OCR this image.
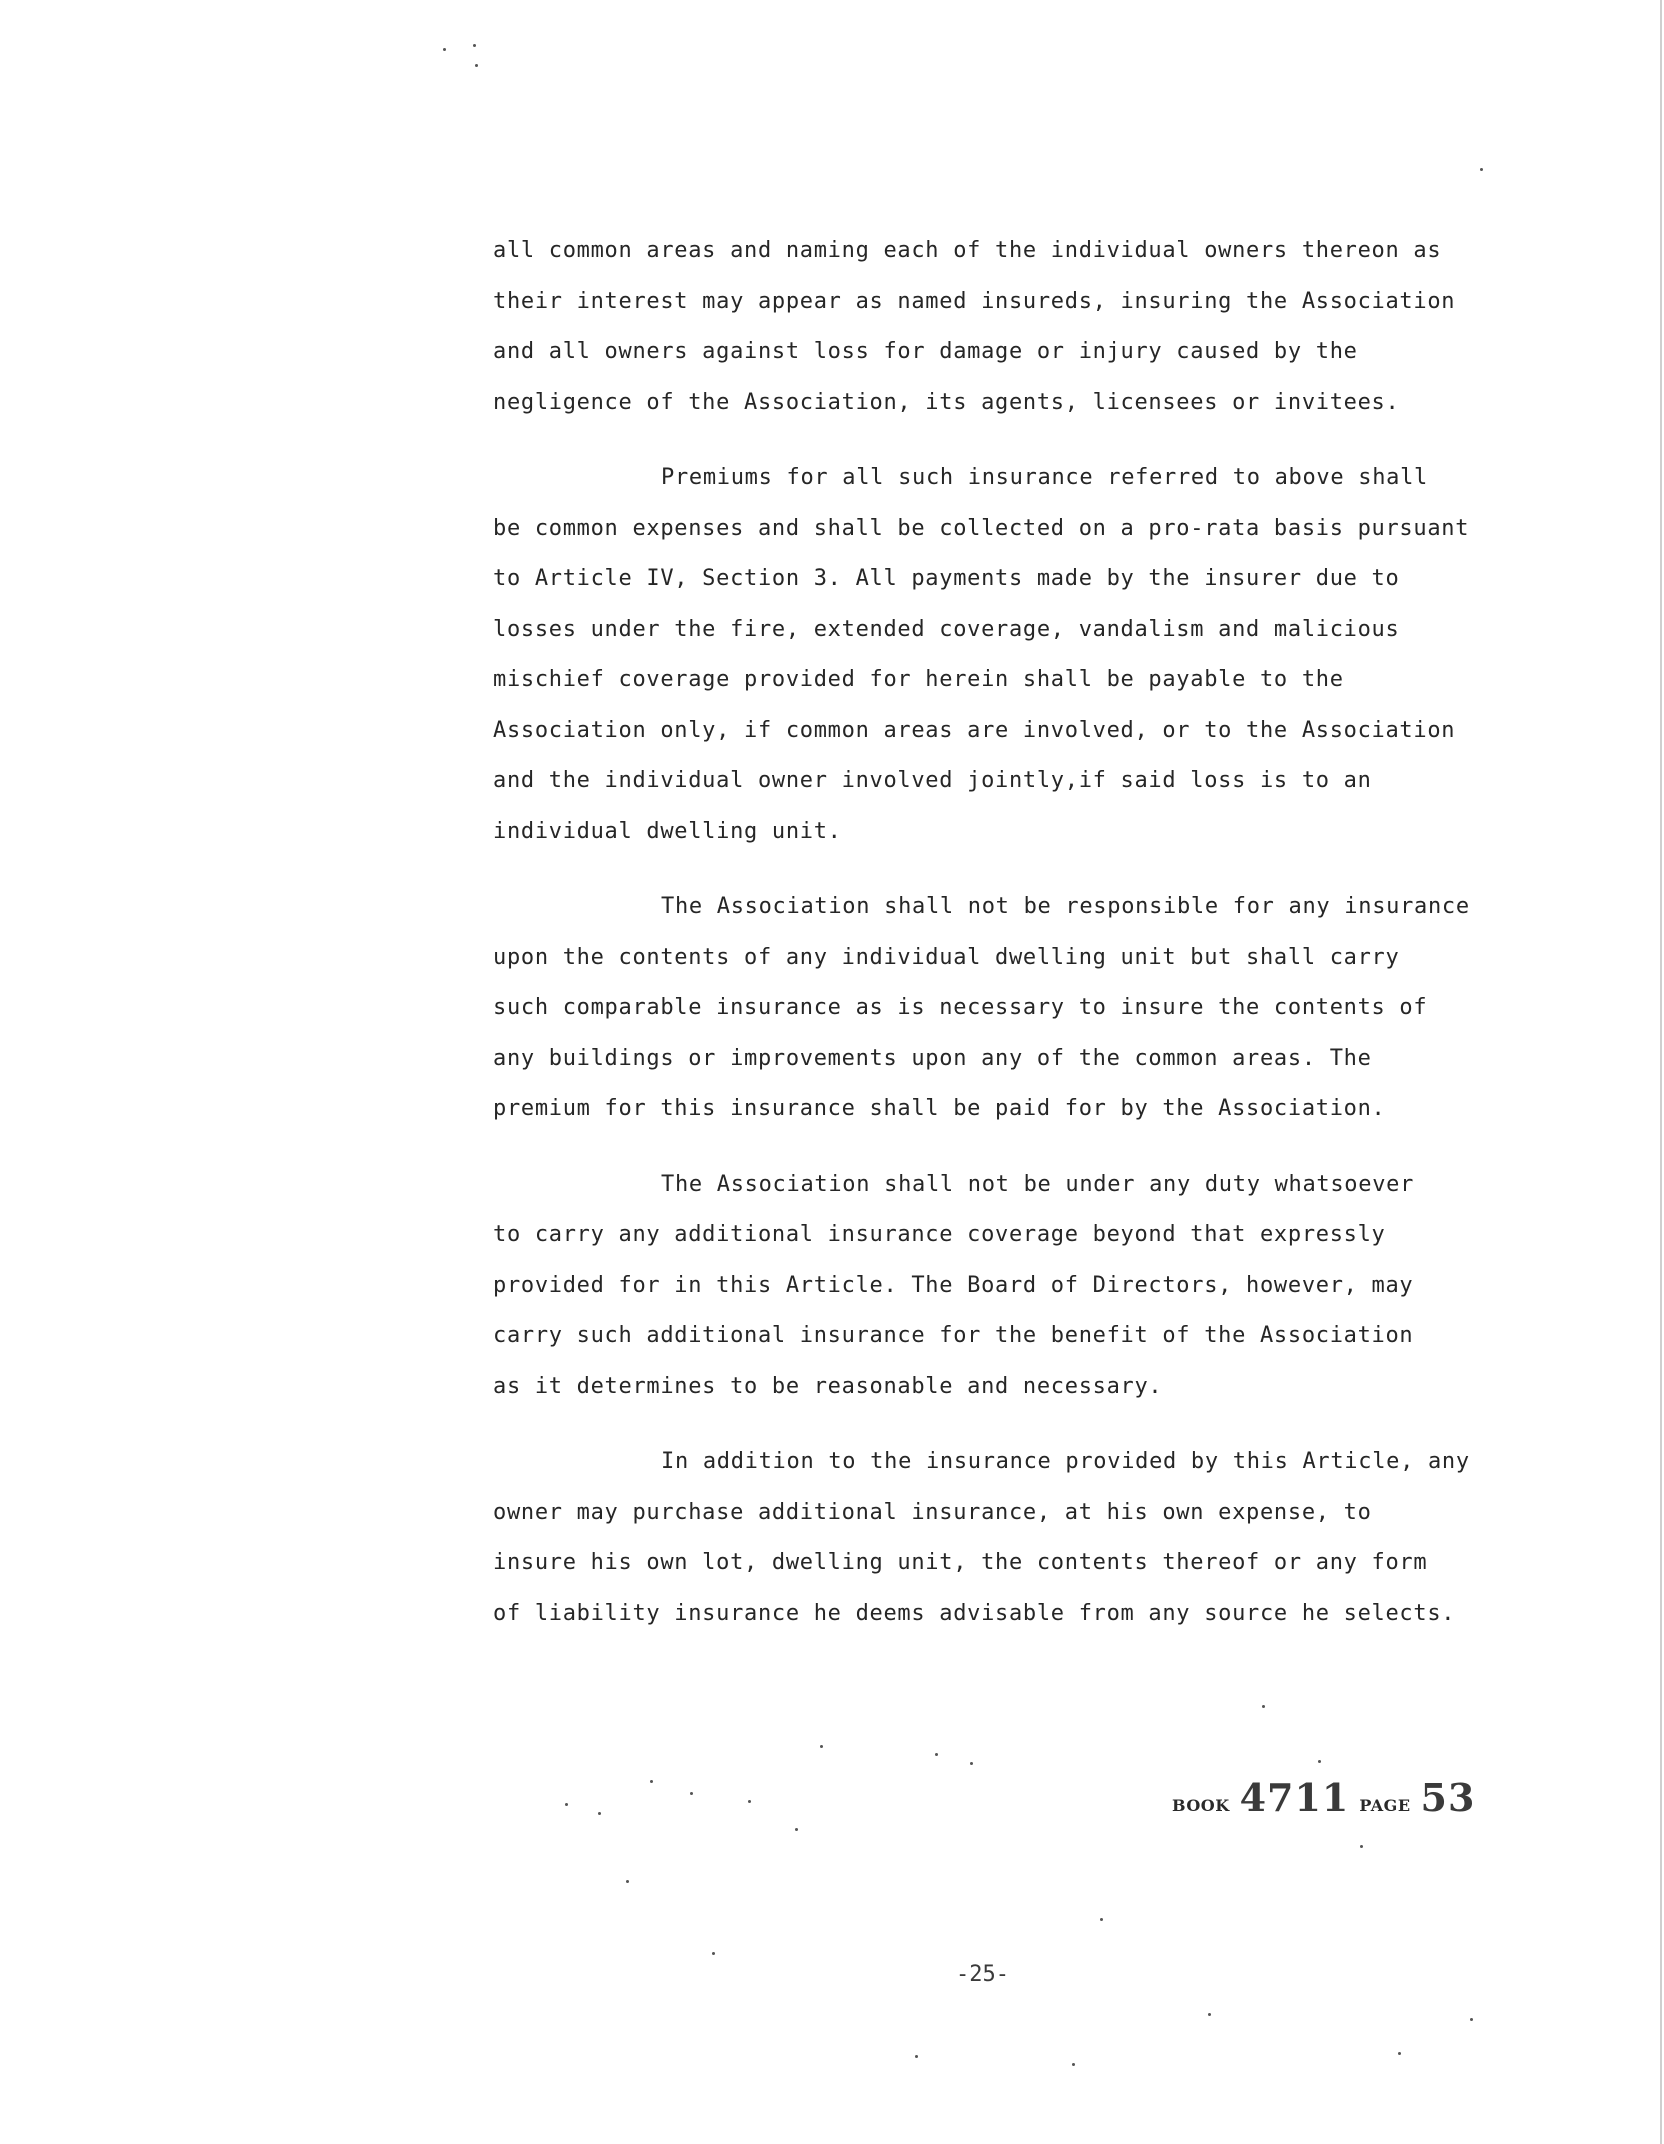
all common areas and naming each of the individual owners thereon as
their interest may appear as named insureds, insuring the Association
and all owners against loss for damage or injury caused by the
negligence of the Association, its agents, licensees or invitees.
Premiums for all such insurance referred to above shall
be common expenses and shall be collected on a pro-rata basis pursuant
to Article IV, Section 3. All payments made by the insurer due to
losses under the fire, extended coverage, vandalism and malicious
mischief coverage provided for herein shall be payable to the
Association only, if common areas are involved, or to the Association
and the individual owner involved jointly,if said loss is to an
individual dwelling unit.
The Association shall not be responsible for any insurance
upon the contents of any individual dwelling unit but shall carry
such comparable insurance as is necessary to insure the contents of
any buildings or improvements upon any of the common areas. The
premium for this insurance shall be paid for by the Association.
The Association shall not be under any duty whatsoever
to carry any additional insurance coverage beyond that expressly
provided for in this Article. The Board of Directors, however, may
carry such additional insurance for the benefit of the Association
as it determines to be reasonable and necessary.
In addition to the insurance provided by this Article, any
owner may purchase additional insurance, at his own expense, to
insure his own lot, dwelling unit, the contents thereof or any form
of liability insurance he deems advisable from any source he selects.
BOOK 4711 PAGE 53
-25-
